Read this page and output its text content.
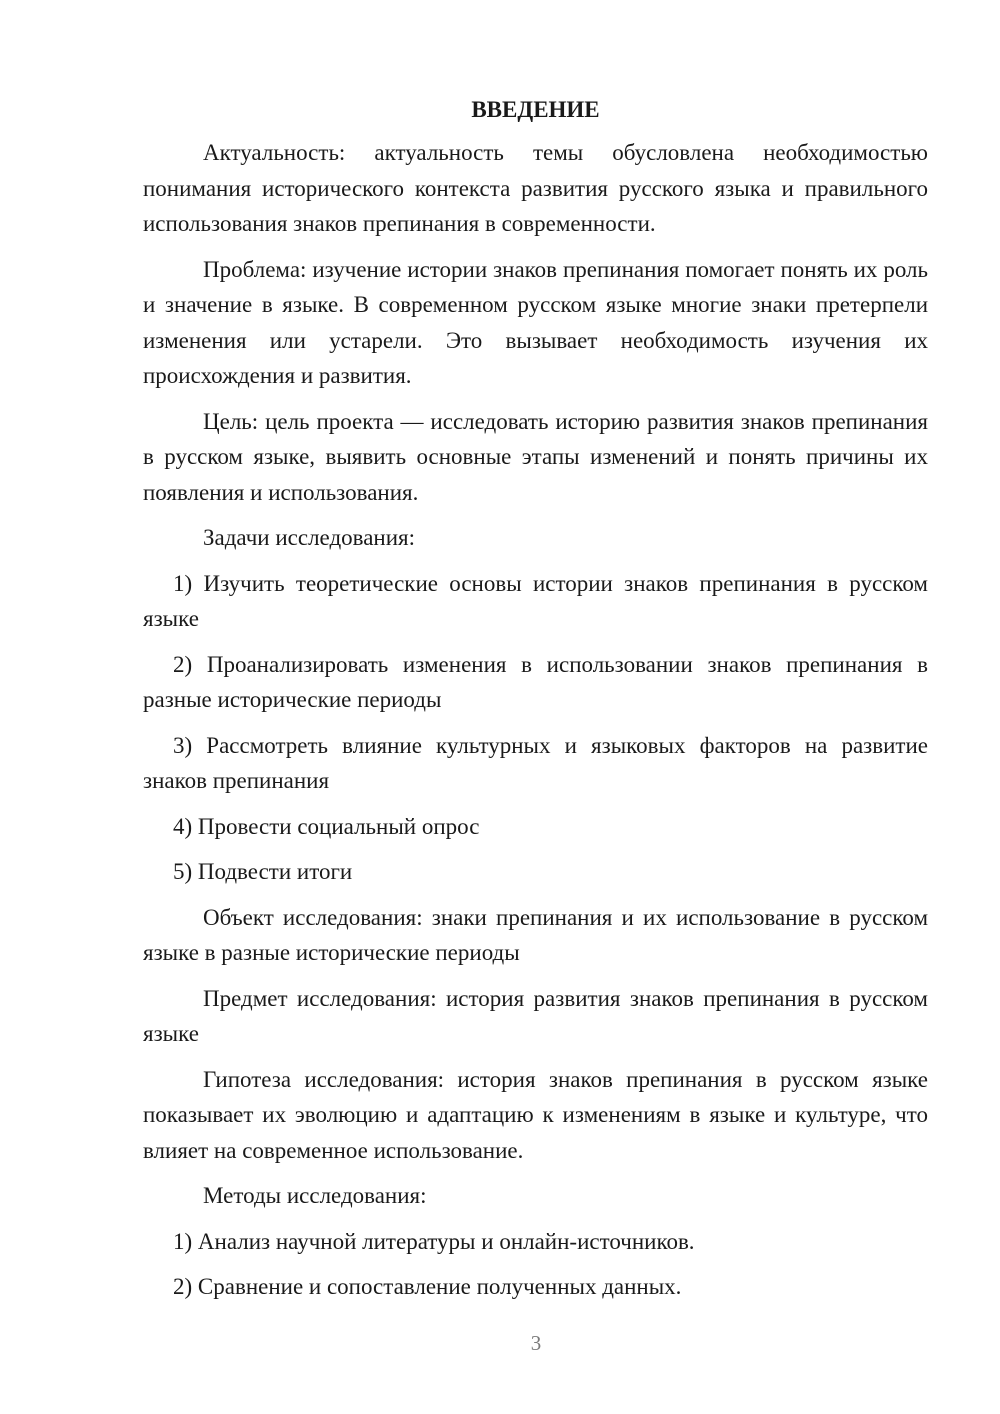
ВВЕДЕНИЕ

Актуальность: актуальность темы обусловлена необходимостью понимания исторического контекста развития русского языка и правильного использования знаков препинания в современности.

Проблема: изучение истории знаков препинания помогает понять их роль и значение в языке. В современном русском языке многие знаки претерпели изменения или устарели. Это вызывает необходимость изучения их происхождения и развития.

Цель: цель проекта — исследовать историю развития знаков препинания в русском языке, выявить основные этапы изменений и понять причины их появления и использования.

Задачи исследования:

1) Изучить теоретические основы истории знаков препинания в русском языке

2) Проанализировать изменения в использовании знаков препинания в разные исторические периоды

3) Рассмотреть влияние культурных и языковых факторов на развитие знаков препинания

4) Провести социальный опрос

5) Подвести итоги

Объект исследования: знаки препинания и их использование в русском языке в разные исторические периоды

Предмет исследования: история развития знаков препинания в русском языке

Гипотеза исследования: история знаков препинания в русском языке показывает их эволюцию и адаптацию к изменениям в языке и культуре, что влияет на современное использование.

Методы исследования:

1) Анализ научной литературы и онлайн-источников.

2) Сравнение и сопоставление полученных данных.

3
